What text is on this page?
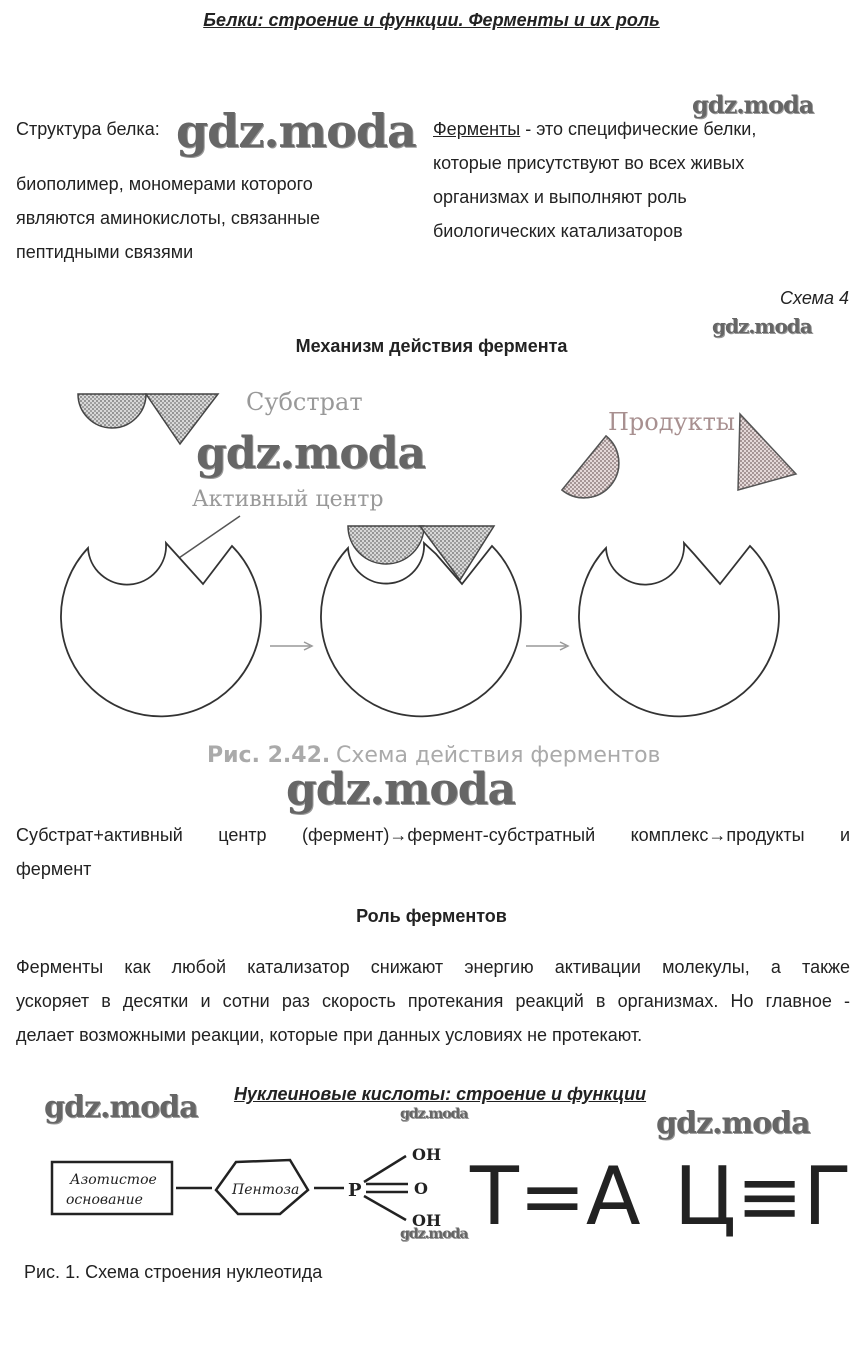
Белки: строение и функции. Ферменты и их роль
gdz.moda	gdz.moda
gdz.moda
gdz.moda
gdz.moda
gdz.moda	gdz.moda	gdz.moda
gdz.moda
Структура белка:
биополимер, мономерами которого
являются аминокислоты, связанные
пептидными связями
Ферменты - это специфические белки,
которые присутствуют во всех живых
организмах и выполняют роль
биологических катализаторов
Схема 4
Механизм действия фермента
Субстрат
Активный центр
Продукты
Рис. 2.42. Схема действия ферментов
Субстрат+активный центр (фермент)→фермент-субстратный комплекс→продукты и
фермент
Роль ферментов
Ферменты как любой катализатор снижают энергию активации молекулы, а также
ускоряет в десятки и сотни раз скорость протекания реакций в организмах. Но главное -
делает возможными реакции, которые при данных условиях не протекают.
Нуклеиновые кислоты: строение и функции
Азотистое
основание
Пентоза	P
OH
O
OH Т=А Ц≡Г
Рис. 1. Схема строения нуклеотида
